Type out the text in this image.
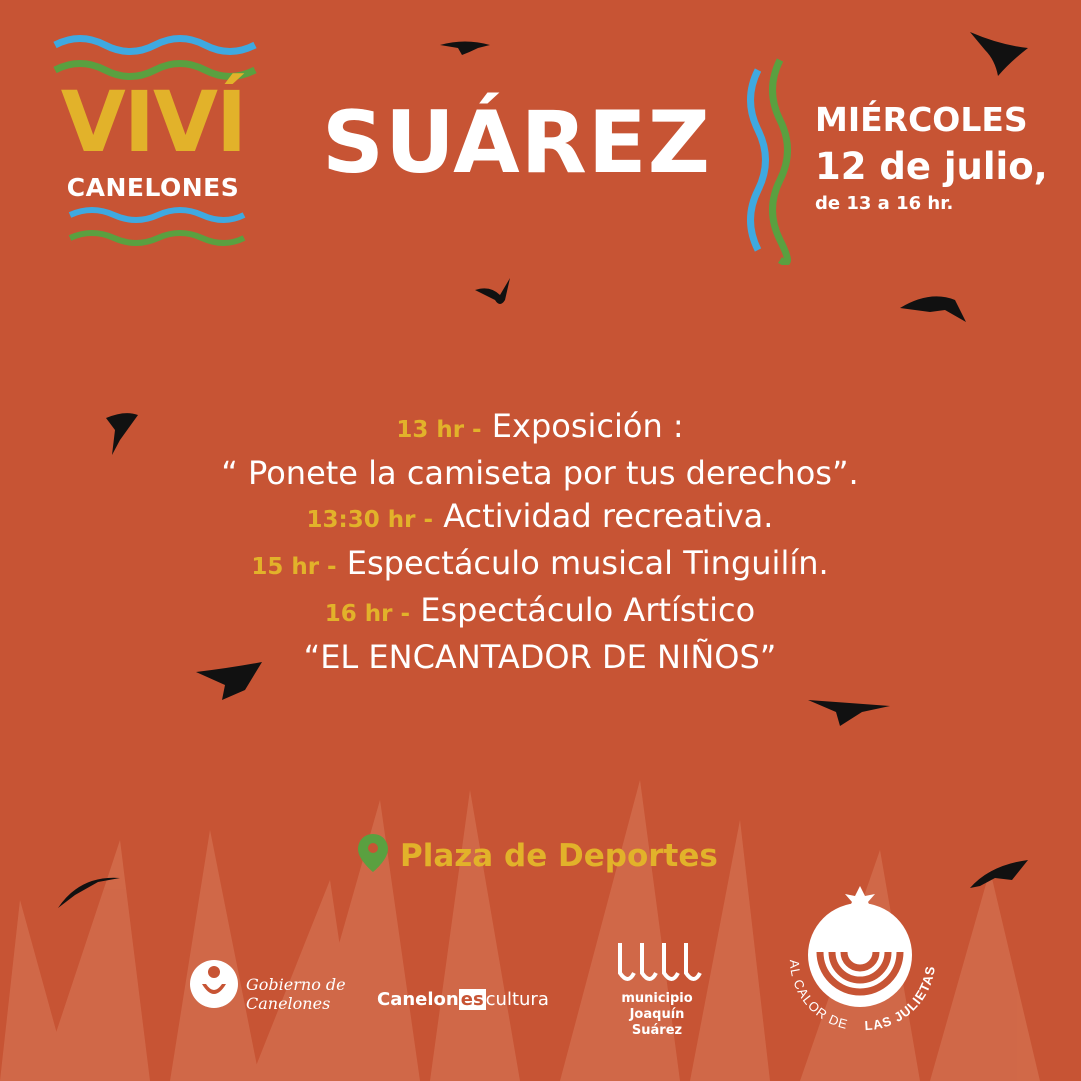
VIVÍ
CANELONES SUÁREZ	MIÉRCOLES
12 de julio,
de 13 a 16 hr.
13 hr - Exposición :
“ Ponete la camiseta por tus derechos”.
13:30 hr - Actividad recreativa.
15 hr - Espectáculo musical Tinguilín.
16 hr - Espectáculo Artístico
“EL ENCANTADOR DE NIÑOS”
Plaza de Deportes
Gobierno de
Canelones	Canelon es cultura	municipio
Joaquín
Suárez
AL CALOR DE LAS JULIETAS
